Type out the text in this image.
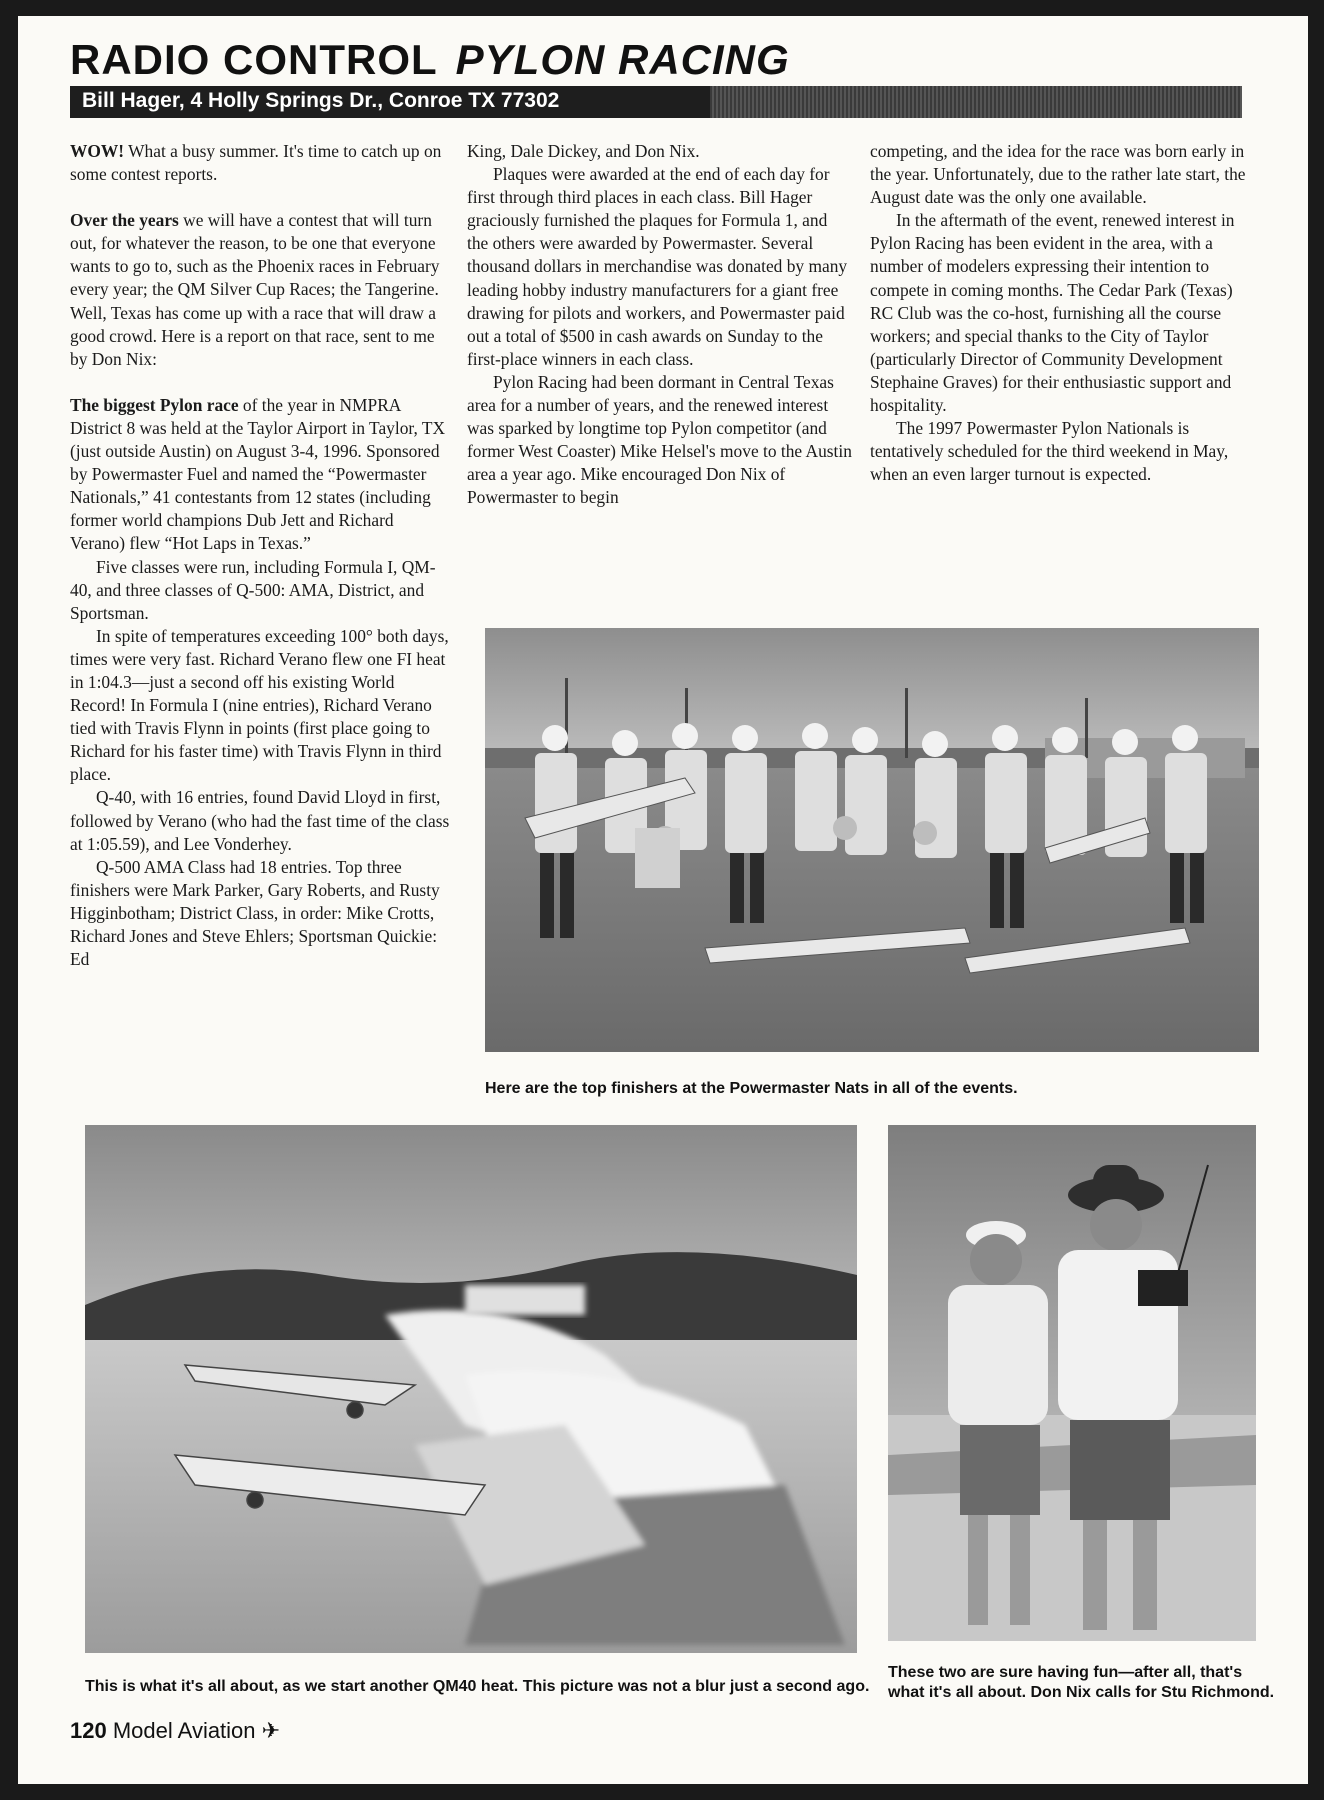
RADIO CONTROL PYLON RACING
Bill Hager, 4 Holly Springs Dr., Conroe TX 77302

WOW! What a busy summer. It's time to catch up on some contest reports.

Over the years we will have a contest that will turn out, for whatever the reason, to be one that everyone wants to go to, such as the Phoenix races in February every year; the QM Silver Cup Races; the Tangerine. Well, Texas has come up with a race that will draw a good crowd. Here is a report on that race, sent to me by Don Nix:

The biggest Pylon race of the year in NMPRA District 8 was held at the Taylor Airport in Taylor, TX (just outside Austin) on August 3-4, 1996. Sponsored by Powermaster Fuel and named the “Powermaster Nationals,” 41 contestants from 12 states (including former world champions Dub Jett and Richard Verano) flew “Hot Laps in Texas.”

Five classes were run, including Formula I, QM-40, and three classes of Q-500: AMA, District, and Sportsman.

In spite of temperatures exceeding 100° both days, times were very fast. Richard Verano flew one FI heat in 1:04.3—just a second off his existing World Record! In Formula I (nine entries), Richard Verano tied with Travis Flynn in points (first place going to Richard for his faster time) with Travis Flynn in third place.

Q-40, with 16 entries, found David Lloyd in first, followed by Verano (who had the fast time of the class at 1:05.59), and Lee Vonderhey.

Q-500 AMA Class had 18 entries. Top three finishers were Mark Parker, Gary Roberts, and Rusty Higginbotham; District Class, in order: Mike Crotts, Richard Jones and Steve Ehlers; Sportsman Quickie: Ed

King, Dale Dickey, and Don Nix.

Plaques were awarded at the end of each day for first through third places in each class. Bill Hager graciously furnished the plaques for Formula 1, and the others were awarded by Powermaster. Several thousand dollars in merchandise was donated by many leading hobby industry manufacturers for a giant free drawing for pilots and workers, and Powermaster paid out a total of $500 in cash awards on Sunday to the first-place winners in each class.

Pylon Racing had been dormant in Central Texas area for a number of years, and the renewed interest was sparked by longtime top Pylon competitor (and former West Coaster) Mike Helsel's move to the Austin area a year ago. Mike encouraged Don Nix of Powermaster to begin

competing, and the idea for the race was born early in the year. Unfortunately, due to the rather late start, the August date was the only one available.

In the aftermath of the event, renewed interest in Pylon Racing has been evident in the area, with a number of modelers expressing their intention to compete in coming months. The Cedar Park (Texas) RC Club was the co-host, furnishing all the course workers; and special thanks to the City of Taylor (particularly Director of Community Development Stephaine Graves) for their enthusiastic support and hospitality.

The 1997 Powermaster Pylon Nationals is tentatively scheduled for the third weekend in May, when an even larger turnout is expected.

Here are the top finishers at the Powermaster Nats in all of the events.
This is what it's all about, as we start another QM40 heat. This picture was not a blur just a second ago.
These two are sure having fun—after all, that's what it's all about. Don Nix calls for Stu Richmond.
120 Model Aviation ✈
